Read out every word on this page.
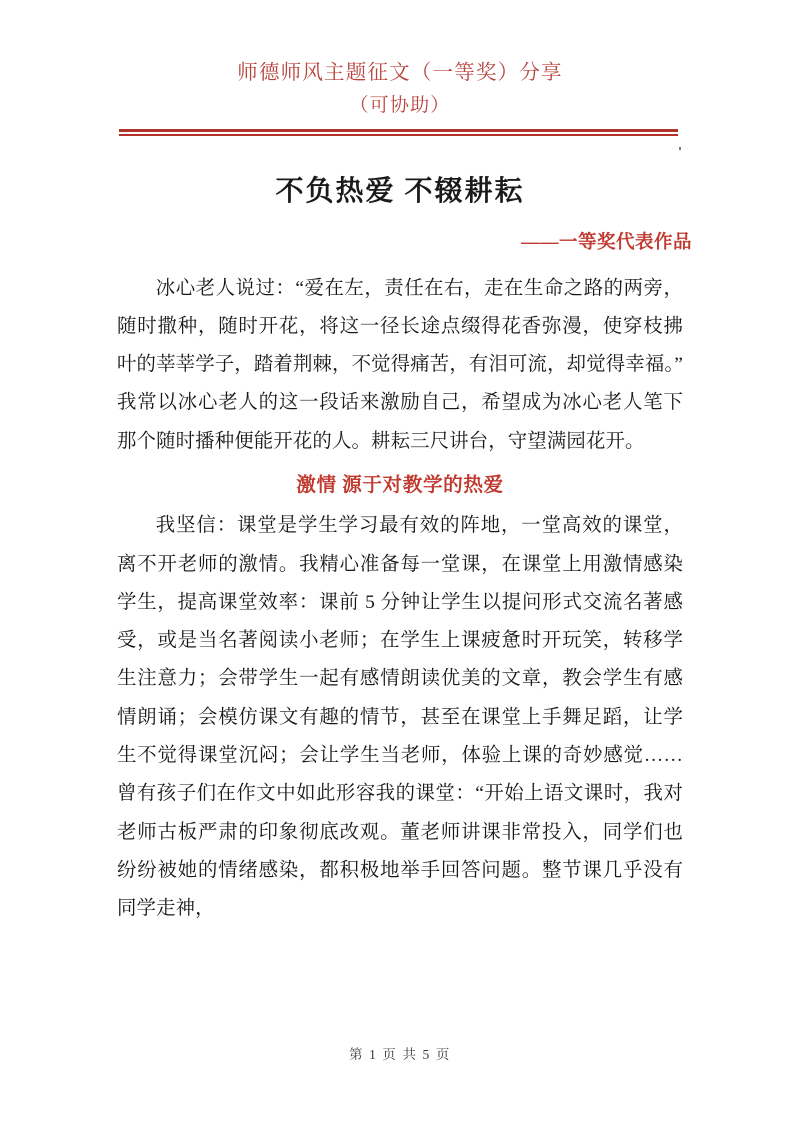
师德师风主题征文（一等奖）分享
（可协助）
不负热爱 不辍耕耘
——一等奖代表作品

冰心老人说过：“爱在左，责任在右，走在生命之路的两旁，随时撒种，随时开花，将这一径长途点缀得花香弥漫，使穿枝拂叶的莘莘学子，踏着荆棘，不觉得痛苦，有泪可流，却觉得幸福。”我常以冰心老人的这一段话来激励自己，希望成为冰心老人笔下那个随时播种便能开花的人。耕耘三尺讲台，守望满园花开。

激情 源于对教学的热爱

我坚信：课堂是学生学习最有效的阵地，一堂高效的课堂，离不开老师的激情。我精心准备每一堂课，在课堂上用激情感染学生，提高课堂效率：课前 5 分钟让学生以提问形式交流名著感受，或是当名著阅读小老师；在学生上课疲惫时开玩笑，转移学生注意力；会带学生一起有感情朗读优美的文章，教会学生有感情朗诵；会模仿课文有趣的情节，甚至在课堂上手舞足蹈，让学生不觉得课堂沉闷；会让学生当老师，体验上课的奇妙感觉……曾有孩子们在作文中如此形容我的课堂：“开始上语文课时，我对老师古板严肃的印象彻底改观。董老师讲课非常投入，同学们也纷纷被她的情绪感染，都积极地举手回答问题。整节课几乎没有同学走神，

第 1 页 共 5 页
